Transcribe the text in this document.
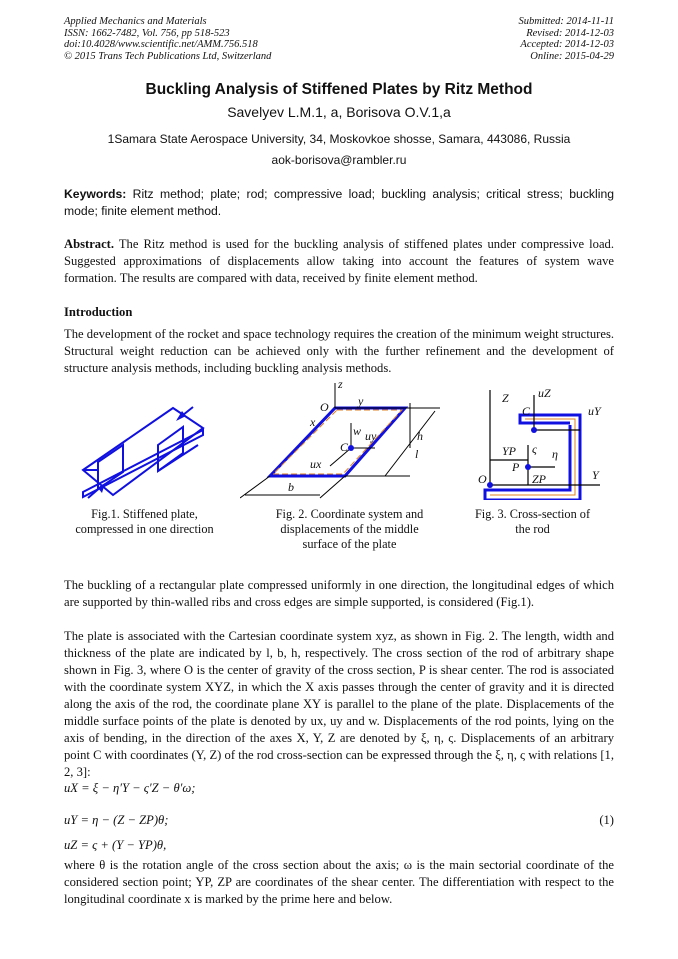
Applied Mechanics and Materials
ISSN: 1662-7482, Vol. 756, pp 518-523
doi:10.4028/www.scientific.net/AMM.756.518
© 2015 Trans Tech Publications Ltd, Switzerland
Submitted: 2014-11-11
Revised: 2014-12-03
Accepted: 2014-12-03
Online: 2015-04-29
Buckling Analysis of Stiffened Plates by Ritz Method
Savelyev L.M.1, a, Borisova O.V.1,a
1Samara State Aerospace University, 34, Moskovkoe shosse, Samara, 443086, Russia
aok-borisova@rambler.ru
Keywords: Ritz method; plate; rod; compressive load; buckling analysis; critical stress; buckling mode; finite element method.
Abstract. The Ritz method is used for the buckling analysis of stiffened plates under compressive load. Suggested approximations of displacements allow taking into account the features of system wave formation. The results are compared with data, received by finite element method.
Introduction
The development of the rocket and space technology requires the creation of the minimum weight structures. Structural weight reduction can be achieved only with the further refinement and the development of structure analysis methods, including buckling analysis methods.
Fig.1. Stiffened plate, compressed in one direction
z
O y
x
w
C
uy	h
l
ux
b
Fig. 2. Coordinate system and displacements of the middle surface of the plate
Z uZ
C	uY
YP ς η
P
ZP
O	Y
Fig. 3. Cross-section of the rod
The buckling of a rectangular plate compressed uniformly in one direction, the longitudinal edges of which are supported by thin-walled ribs and cross edges are simple supported, is considered (Fig.1).
The plate is associated with the Cartesian coordinate system xyz, as shown in Fig. 2. The length, width and thickness of the plate are indicated by l, b, h, respectively. The cross section of the rod of arbitrary shape shown in Fig. 3, where O is the center of gravity of the cross section, P is shear center. The rod is associated with the coordinate system XYZ, in which the X axis passes through the center of gravity and it is directed along the axis of the rod, the coordinate plane XY is parallel to the plane of the plate. Displacements of the middle surface points of the plate is denoted by ux, uy and w. Displacements of the rod points, lying on the axis of bending, in the direction of the axes X, Y, Z are denoted by ξ, η, ς. Displacements of an arbitrary point C with coordinates (Y, Z) of the rod cross-section can be expressed through the ξ, η, ς with relations [1, 2, 3]:
uX = ξ − η′Y − ς′Z − θ′ω;
uY = η − (Z − ZP)θ;	(1)
uZ = ς + (Y − YP)θ,
where θ is the rotation angle of the cross section about the axis; ω is the main sectorial coordinate of the considered section point; YP, ZP are coordinates of the shear center. The differentiation with respect to the longitudinal coordinate x is marked by the prime here and below.
